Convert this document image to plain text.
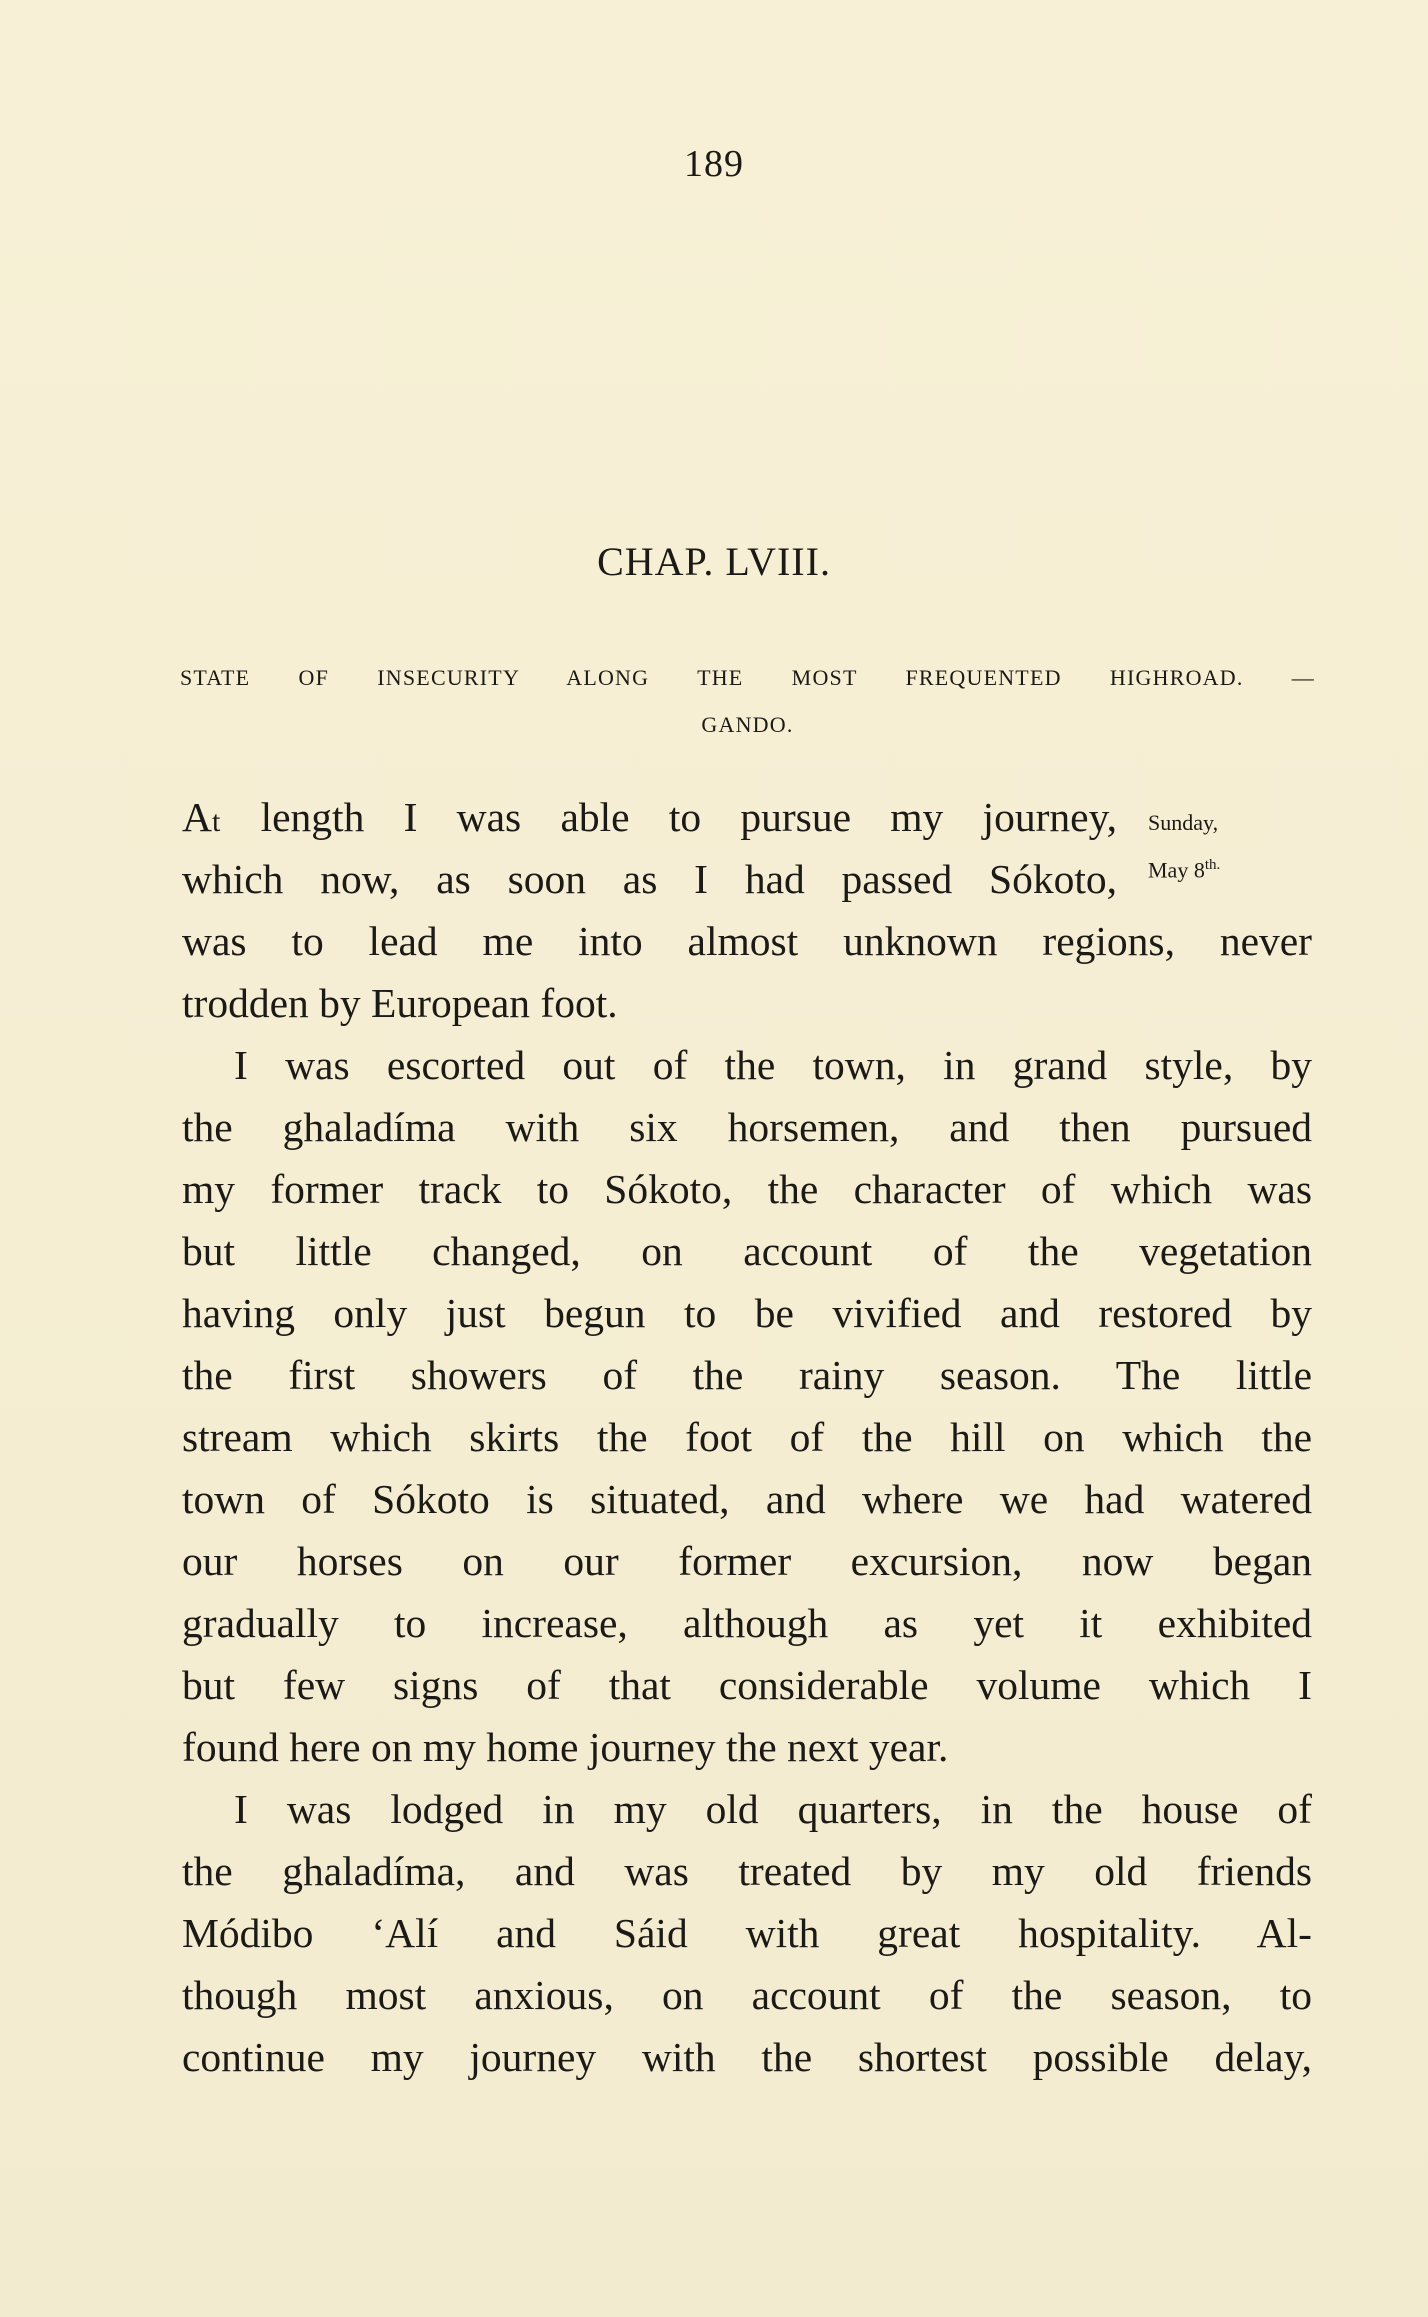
189
CHAP. LVIII.
STATE OF INSECURITY ALONG THE MOST FREQUENTED HIGHROAD. —
GANDO.
Sunday,
May $8^{th.}$
At length I was able to pursue my journey,
which now, as soon as I had passed Sókoto,
was to lead me into almost unknown regions, never
trodden by European foot.
I was escorted out of the town, in grand style, by
the ghaladíma with six horsemen, and then pursued
my former track to Sókoto, the character of which was
but little changed, on account of the vegetation
having only just begun to be vivified and restored by
the first showers of the rainy season. The little
stream which skirts the foot of the hill on which the
town of Sókoto is situated, and where we had watered
our horses on our former excursion, now began
gradually to increase, although as yet it exhibited
but few signs of that considerable volume which I
found here on my home journey the next year.
I was lodged in my old quarters, in the house of
the ghaladíma, and was treated by my old friends
Módibo ‘Alí and Sáid with great hospitality. Al-
though most anxious, on account of the season, to
continue my journey with the shortest possible delay,
